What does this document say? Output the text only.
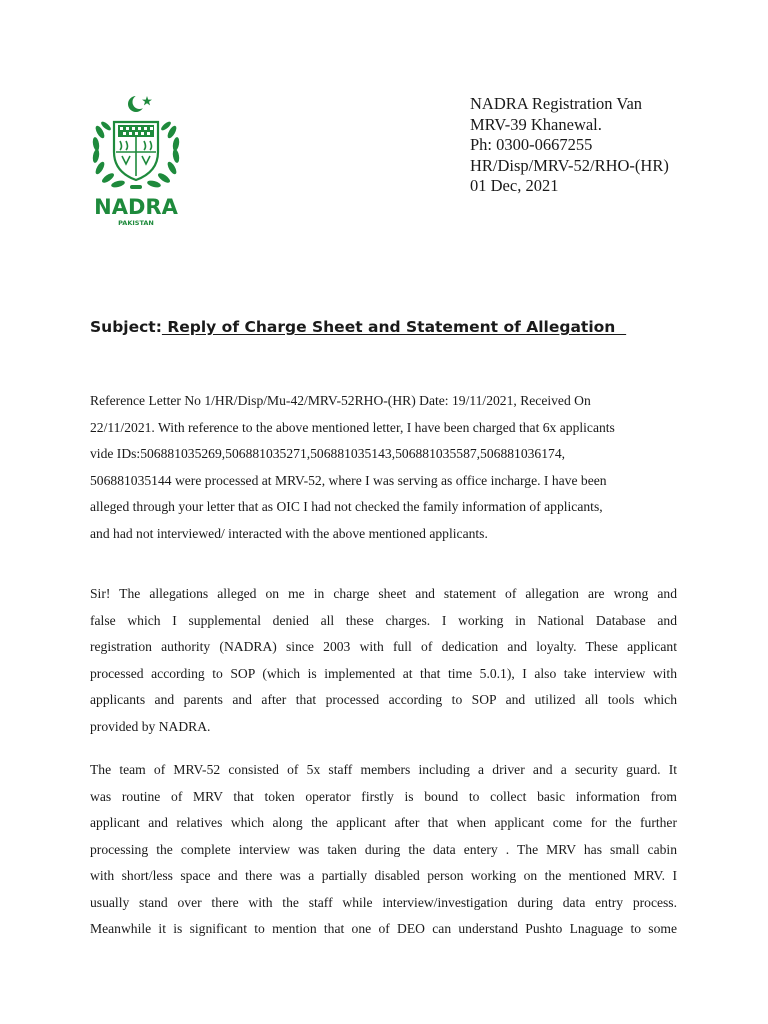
NADRA
PAKISTAN
NADRA Registration Van
MRV-39 Khanewal.
Ph: 0300-0667255
HR/Disp/MRV-52/RHO-(HR)
01 Dec, 2021
Subject: Reply of Charge Sheet and Statement of Allegation

Reference Letter No 1/HR/Disp/Mu-42/MRV-52RHO-(HR) Date: 19/11/2021, Received On
22/11/2021. With reference to the above mentioned letter, I have been charged that 6x applicants
vide IDs:506881035269,506881035271,506881035143,506881035587,506881036174,
506881035144 were processed at MRV-52, where I was serving as office incharge. I have been
alleged through your letter that as OIC I had not checked the family information of applicants,
and had not interviewed/ interacted with the above mentioned applicants.

Sir! The allegations alleged on me in charge sheet and statement of allegation are wrong and
false which I supplemental denied all these charges. I working in National Database and
registration authority (NADRA) since 2003 with full of dedication and loyalty. These applicant
processed according to SOP (which is implemented at that time 5.0.1), I also take interview with
applicants and parents and after that processed according to SOP and utilized all tools which
provided by NADRA.
The team of MRV-52 consisted of 5x staff members including a driver and a security guard. It
was routine of MRV that token operator firstly is bound to collect basic information from
applicant and relatives which along the applicant after that when applicant come for the further
processing the complete interview was taken during the data entery . The MRV has small cabin
with short/less space and there was a partially disabled person working on the mentioned MRV. I
usually stand over there with the staff while interview/investigation during data entry process.
Meanwhile it is significant to mention that one of DEO can understand Pushto Lnaguage to some
